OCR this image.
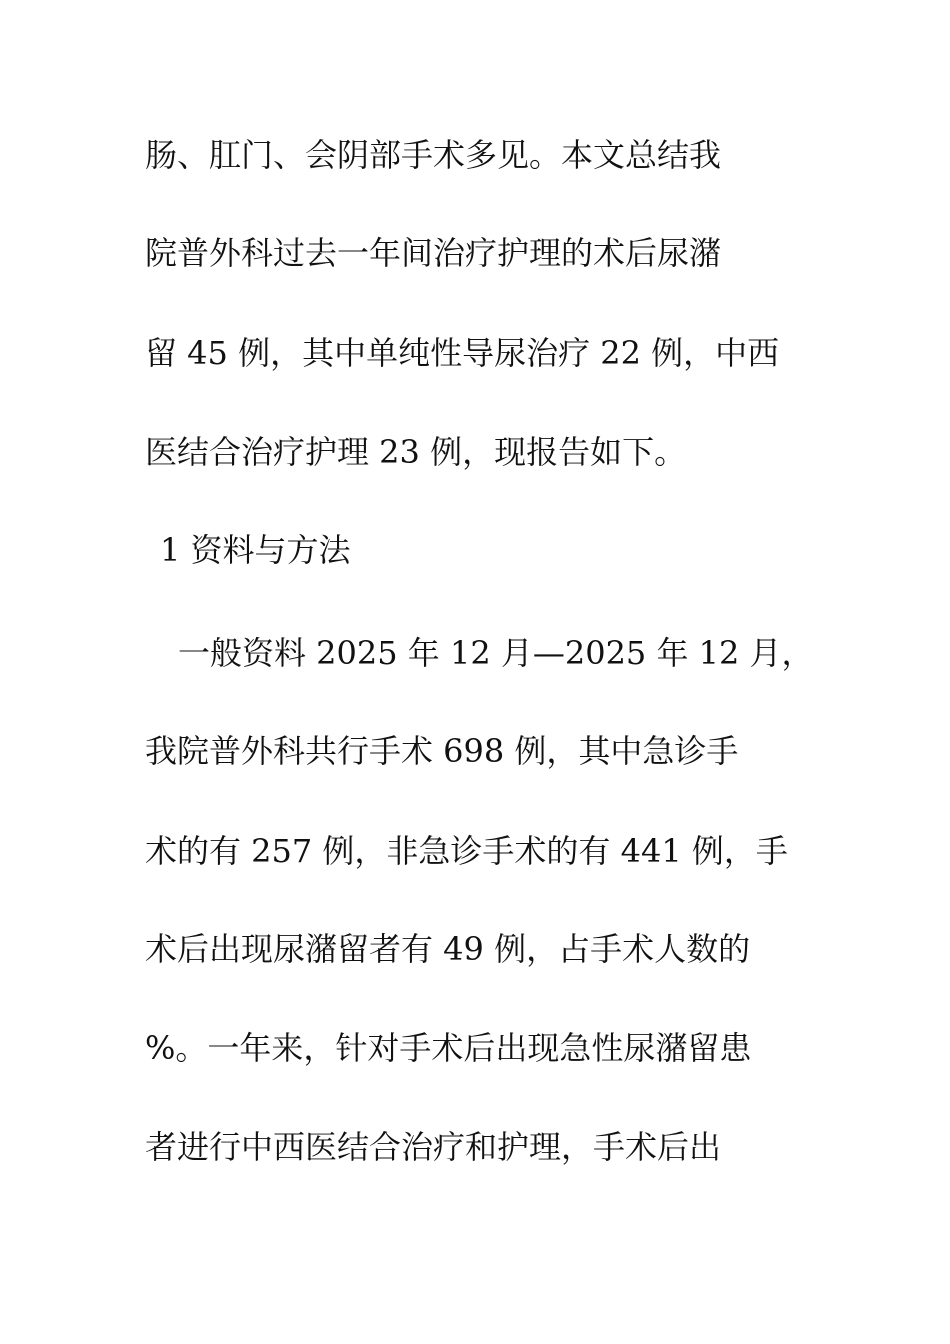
肠、肛门、会阴部手术多见。本文总结我
院普外科过去一年间治疗护理的术后尿潴
留 45 例，其中单纯性导尿治疗 22 例，中西
医结合治疗护理 23 例，现报告如下。
1 资料与方法
一般资料 2025 年 12 月—2025 年 12 月，
我院普外科共行手术 698 例，其中急诊手
术的有 257 例，非急诊手术的有 441 例，手
术后出现尿潴留者有 49 例，占手术人数的
%。一年来，针对手术后出现急性尿潴留患
者进行中西医结合治疗和护理，手术后出
